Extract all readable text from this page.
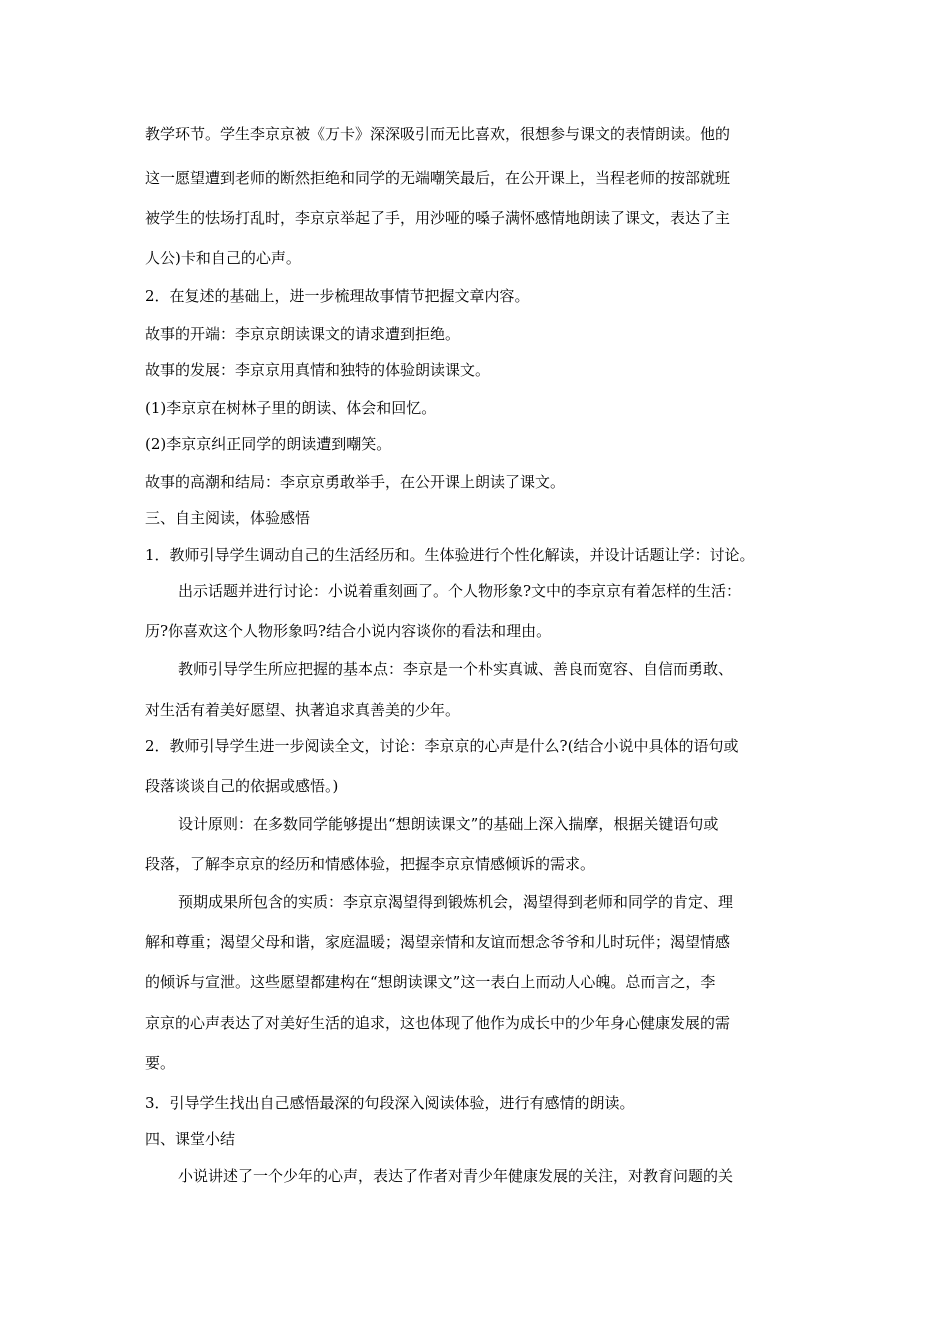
教学环节。学生李京京被《万卡》深深吸引而无比喜欢，很想参与课文的表情朗读。他的

这一愿望遭到老师的断然拒绝和同学的无端嘲笑最后，在公开课上，当程老师的按部就班

被学生的怯场打乱时，李京京举起了手，用沙哑的嗓子满怀感情地朗读了课文，表达了主

人公)卡和自己的心声。

2．在复述的基础上，进一步梳理故事情节把握文章内容。

故事的开端：李京京朗读课文的请求遭到拒绝。

故事的发展：李京京用真情和独特的体验朗读课文。

(1)李京京在树林子里的朗读、体会和回忆。

(2)李京京纠正同学的朗读遭到嘲笑。

故事的高潮和结局：李京京勇敢举手，在公开课上朗读了课文。

三、自主阅读，体验感悟

1．教师引导学生调动自己的生活经历和。生体验进行个性化解读，并设计话题让学：讨论。

出示话题并进行讨论：小说着重刻画了。个人物形象?文中的李京京有着怎样的生活：

历?你喜欢这个人物形象吗?结合小说内容谈你的看法和理由。

教师引导学生所应把握的基本点：李京是一个朴实真诚、善良而宽容、自信而勇敢、

对生活有着美好愿望、执著追求真善美的少年。

2．教师引导学生进一步阅读全文，讨论：李京京的心声是什么?(结合小说中具体的语句或

段落谈谈自己的依据或感悟。)

设计原则：在多数同学能够提出“想朗读课文”的基础上深入揣摩，根据关键语句或

段落，了解李京京的经历和情感体验，把握李京京情感倾诉的需求。

预期成果所包含的实质：李京京渴望得到锻炼机会，渴望得到老师和同学的肯定、理

解和尊重；渴望父母和谐，家庭温暖；渴望亲情和友谊而想念爷爷和儿时玩伴；渴望情感

的倾诉与宣泄。这些愿望都建构在“想朗读课文”这一表白上而动人心魄。总而言之，李

京京的心声表达了对美好生活的追求，这也体现了他作为成长中的少年身心健康发展的需

要。

3．引导学生找出自己感悟最深的句段深入阅读体验，进行有感情的朗读。

四、课堂小结

小说讲述了一个少年的心声，表达了作者对青少年健康发展的关注，对教育问题的关
